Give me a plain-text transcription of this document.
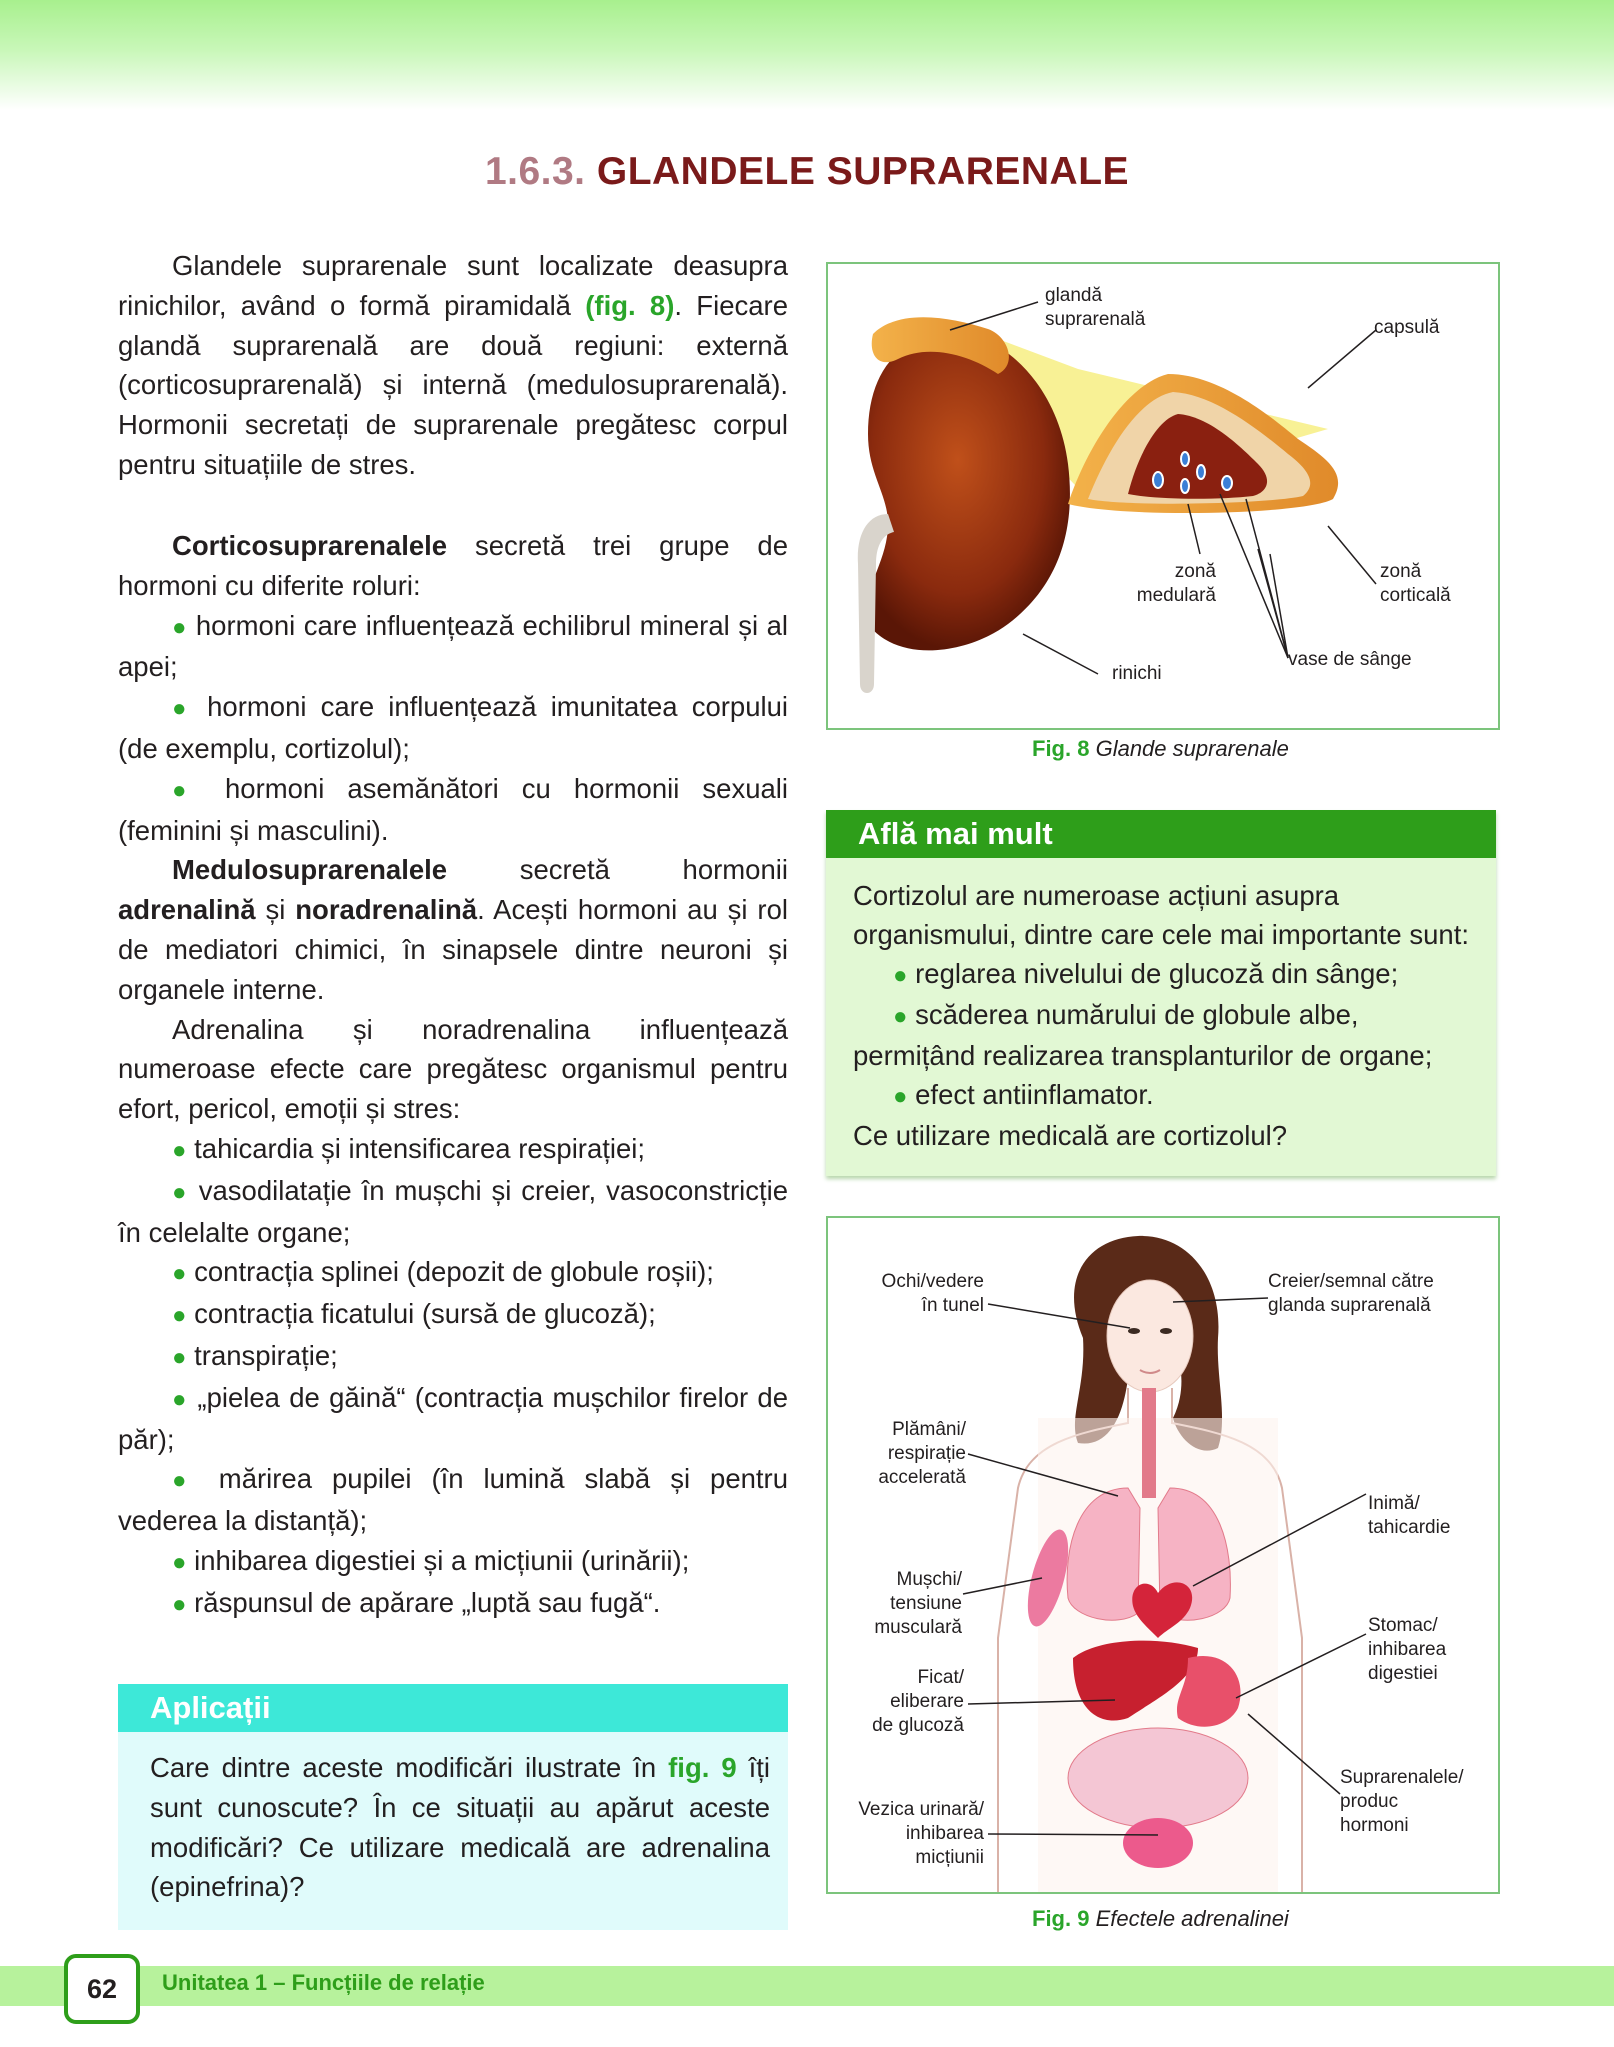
1.6.3. GLANDELE SUPRARENALE

Glandele suprarenale sunt localizate deasupra rinichilor, având o formă piramidală (fig. 8). Fiecare glandă suprarenală are două regiuni: externă (corticosuprarenală) și internă (medulosuprarenală). Hormonii secretați de suprarenale pregătesc corpul pentru situațiile de stres.

Corticosuprarenalele secretă trei grupe de hormoni cu diferite roluri:

● hormoni care influențează echilibrul mineral și al apei;

● hormoni care influențează imunitatea corpului (de exemplu, cortizolul);

● hormoni asemănători cu hormonii sexuali (feminini și masculini).

Medulosuprarenalele secretă hormonii adrenalină și noradrenalină. Acești hormoni au și rol de mediatori chimici, în sinapsele dintre neuroni și organele interne.

Adrenalina și noradrenalina influențează numeroase efecte care pregătesc organismul pentru efort, pericol, emoții și stres:

● tahicardia și intensificarea respirației;

● vasodilatație în mușchi și creier, vasoconstricție în celelalte organe;

● contracția splinei (depozit de globule roșii);

● contracția ficatului (sursă de glucoză);

● transpirație;

● „pielea de găină“ (contracția mușchilor firelor de păr);

● mărirea pupilei (în lumină slabă și pentru vederea la distanță);

● inhibarea digestiei și a micțiunii (urinării);

● răspunsul de apărare „luptă sau fugă“.

Aplicații
Care dintre aceste modificări ilustrate în fig. 9 îți sunt cunoscute? În ce situații au apărut aceste modificări? Ce utilizare medicală are adrenalina (epinefrina)?
glandă suprarenală	capsulă
zonă medulară
zonă corticală
rinichi
vase de sânge
Fig. 8 Glande suprarenale
Află mai mult
Cortizolul are numeroase acțiuni asupra organismului, dintre care cele mai importante sunt:
● reglarea nivelului de glucoză din sânge;
● scăderea numărului de globule albe, permițând realizarea transplanturilor de organe;
● efect antiinflamator.
Ce utilizare medicală are cortizolul?
Ochi/vedere
în tunel
Creier/semnal către
glanda suprarenală
Plămâni/
respirație
accelerată
Inimă/
tahicardie
Mușchi/
tensiune
musculară	Stomac/
inhibarea
digestiei
Ficat/
eliberare
de glucoză
Suprarenalele/
produc
hormoni
Vezica urinară/
inhibarea
micțiunii
Fig. 9 Efectele adrenalinei
62	Unitatea 1 – Funcțiile de relație
